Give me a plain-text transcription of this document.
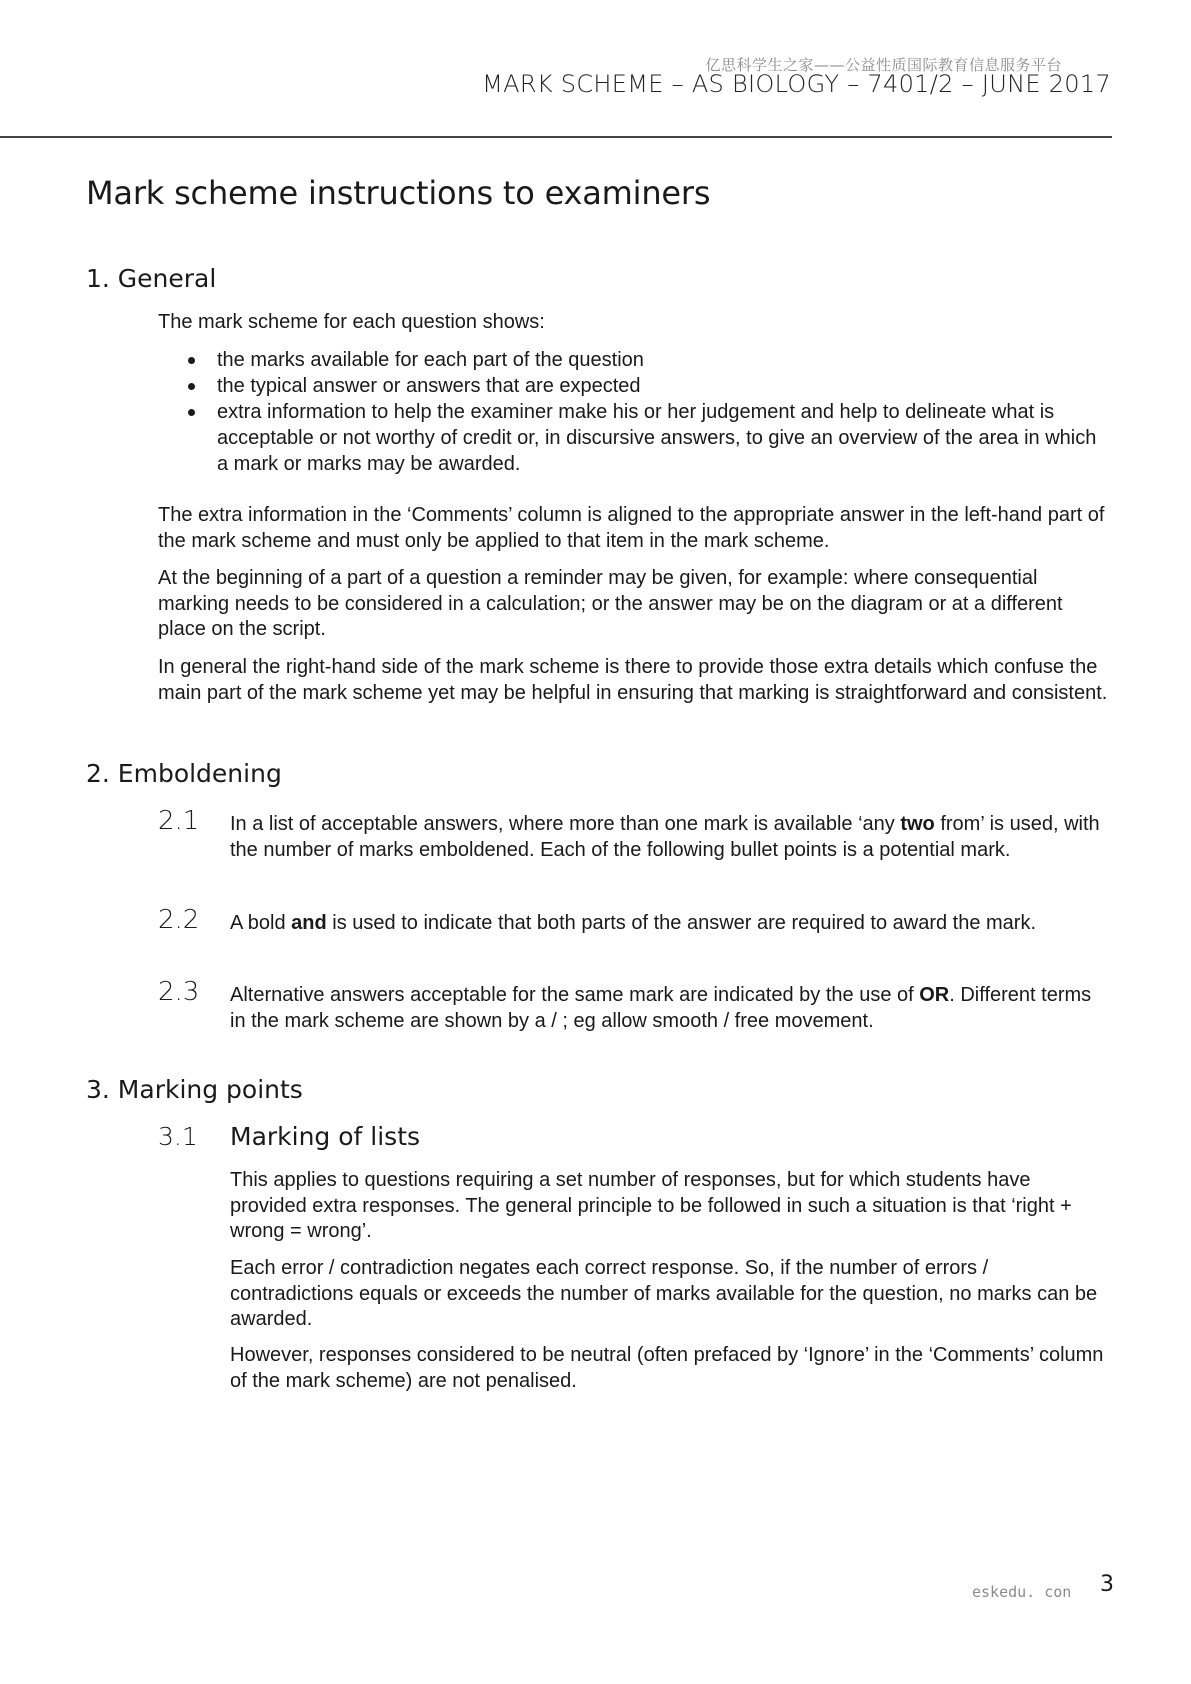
亿思科学生之家——公益性质国际教育信息服务平台
MARK SCHEME – AS BIOLOGY – 7401/2 – JUNE 2017
Mark scheme instructions to examiners
1. General

The mark scheme for each question shows:

the marks available for each part of the question
the typical answer or answers that are expected
extra information to help the examiner make his or her judgement and help to delineate what is acceptable or not worthy of credit or, in discursive answers, to give an overview of the area in which a mark or marks may be awarded.

The extra information in the ‘Comments’ column is aligned to the appropriate answer in the left-hand part of the mark scheme and must only be applied to that item in the mark scheme.

At the beginning of a part of a question a reminder may be given, for example: where consequential marking needs to be considered in a calculation; or the answer may be on the diagram or at a different place on the script.

In general the right-hand side of the mark scheme is there to provide those extra details which confuse the main part of the mark scheme yet may be helpful in ensuring that marking is straightforward and consistent.

2. Emboldening
2.1 In a list of acceptable answers, where more than one mark is available ‘any two from’ is used, with the number of marks emboldened. Each of the following bullet points is a potential mark.

2.2 A bold and is used to indicate that both parts of the answer are required to award the mark.

2.3 Alternative answers acceptable for the same mark are indicated by the use of OR. Different terms in the mark scheme are shown by a / ; eg allow smooth / free movement.

3. Marking points
3.1 Marking of lists

This applies to questions requiring a set number of responses, but for which students have provided extra responses. The general principle to be followed in such a situation is that ‘right + wrong = wrong’.

Each error / contradiction negates each correct response. So, if the number of errors / contradictions equals or exceeds the number of marks available for the question, no marks can be awarded.

However, responses considered to be neutral (often prefaced by ‘Ignore’ in the ‘Comments’ column of the mark scheme) are not penalised.

eskedu. con 3
